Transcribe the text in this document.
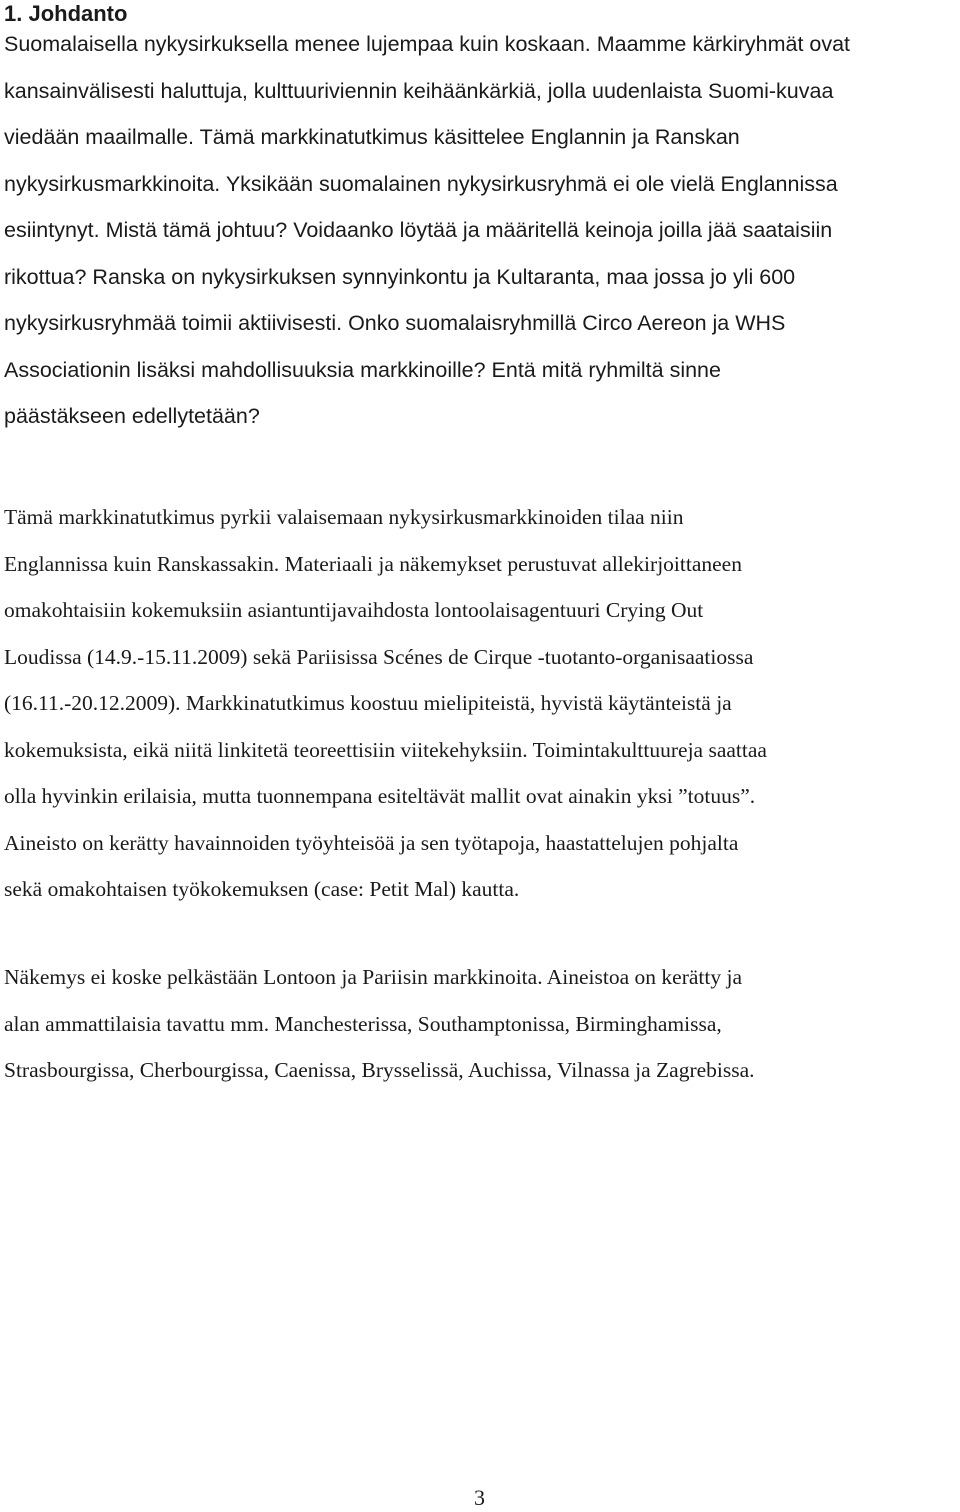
1. Johdanto

Suomalaisella nykysirkuksella menee lujempaa kuin koskaan. Maamme kärkiryhmät ovat
kansainvälisesti haluttuja, kulttuuriviennin keihäänkärkiä, jolla uudenlaista Suomi-kuvaa
viedään maailmalle. Tämä markkinatutkimus käsittelee Englannin ja Ranskan
nykysirkusmarkkinoita. Yksikään suomalainen nykysirkusryhmä ei ole vielä Englannissa
esiintynyt. Mistä tämä johtuu? Voidaanko löytää ja määritellä keinoja joilla jää saataisiin
rikottua? Ranska on nykysirkuksen synnyinkontu ja Kultaranta, maa jossa jo yli 600
nykysirkusryhmää toimii aktiivisesti. Onko suomalaisryhmillä Circo Aereon ja WHS
Associationin lisäksi mahdollisuuksia markkinoille? Entä mitä ryhmiltä sinne
päästäkseen edellytetään?

Tämä markkinatutkimus pyrkii valaisemaan nykysirkusmarkkinoiden tilaa niin
Englannissa kuin Ranskassakin. Materiaali ja näkemykset perustuvat allekirjoittaneen
omakohtaisiin kokemuksiin asiantuntijavaihdosta lontoolaisagentuuri Crying Out
Loudissa (14.9.-15.11.2009) sekä Pariisissa Scénes de Cirque -tuotanto-organisaatiossa
(16.11.-20.12.2009). Markkinatutkimus koostuu mielipiteistä, hyvistä käytänteistä ja
kokemuksista, eikä niitä linkitetä teoreettisiin viitekehyksiin. Toimintakulttuureja saattaa
olla hyvinkin erilaisia, mutta tuonnempana esiteltävät mallit ovat ainakin yksi ”totuus”.
Aineisto on kerätty havainnoiden työyhteisöä ja sen työtapoja, haastattelujen pohjalta
sekä omakohtaisen työkokemuksen (case: Petit Mal) kautta.

Näkemys ei koske pelkästään Lontoon ja Pariisin markkinoita. Aineistoa on kerätty ja
alan ammattilaisia tavattu mm. Manchesterissa, Southamptonissa, Birminghamissa,
Strasbourgissa, Cherbourgissa, Caenissa, Brysselissä, Auchissa, Vilnassa ja Zagrebissa.

3
